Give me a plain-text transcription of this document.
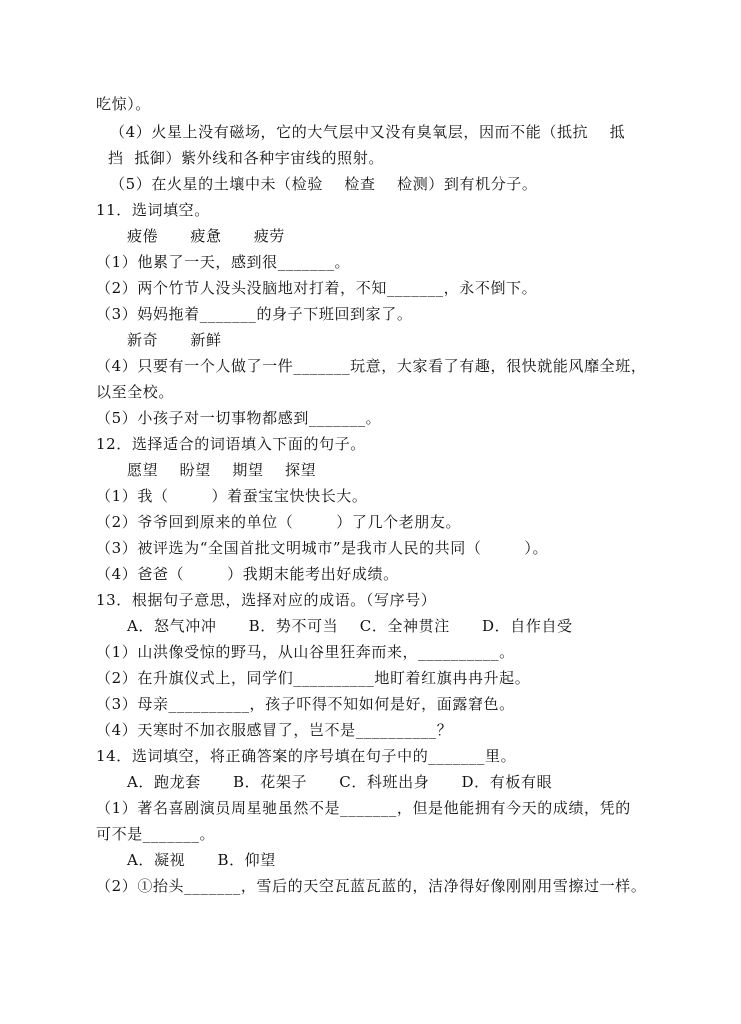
吃惊）。
（4）火星上没有磁场，它的大气层中又没有臭氧层，因而不能（抵抗    抵
挡  抵御）紫外线和各种宇宙线的照射。
（5）在火星的土壤中未（检验    检查    检测）到有机分子。
11．选词填空。
疲倦      疲惫      疲劳
（1）他累了一天，感到很_______。
（2）两个竹节人没头没脑地对打着，不知_______，永不倒下。
（3）妈妈拖着_______的身子下班回到家了。
新奇      新鲜
（4）只要有一个人做了一件_______玩意，大家看了有趣，很快就能风靡全班，
以至全校。
（5）小孩子对一切事物都感到_______。
12．选择适合的词语填入下面的句子。
愿望    盼望    期望    探望
（1）我（        ）着蚕宝宝快快长大。
（2）爷爷回到原来的单位（        ）了几个老朋友。
（3）被评选为“全国首批文明城市”是我市人民的共同（        ）。
（4）爸爸（        ）我期末能考出好成绩。
13．根据句子意思，选择对应的成语。（写序号）
A．怒气冲冲      B．势不可当    C．全神贯注      D．自作自受
（1）山洪像受惊的野马，从山谷里狂奔而来，__________。
（2）在升旗仪式上，同学们__________地盯着红旗冉冉升起。
（3）母亲__________，孩子吓得不知如何是好，面露窘色。
（4）天寒时不加衣服感冒了，岂不是__________？
14．选词填空，将正确答案的序号填在句子中的_______里。
A．跑龙套      B．花架子      C．科班出身      D．有板有眼
（1）著名喜剧演员周星驰虽然不是_______，但是他能拥有今天的成绩，凭的
可不是_______。
A．凝视      B．仰望
（2）①抬头_______，雪后的天空瓦蓝瓦蓝的，洁净得好像刚刚用雪擦过一样。
